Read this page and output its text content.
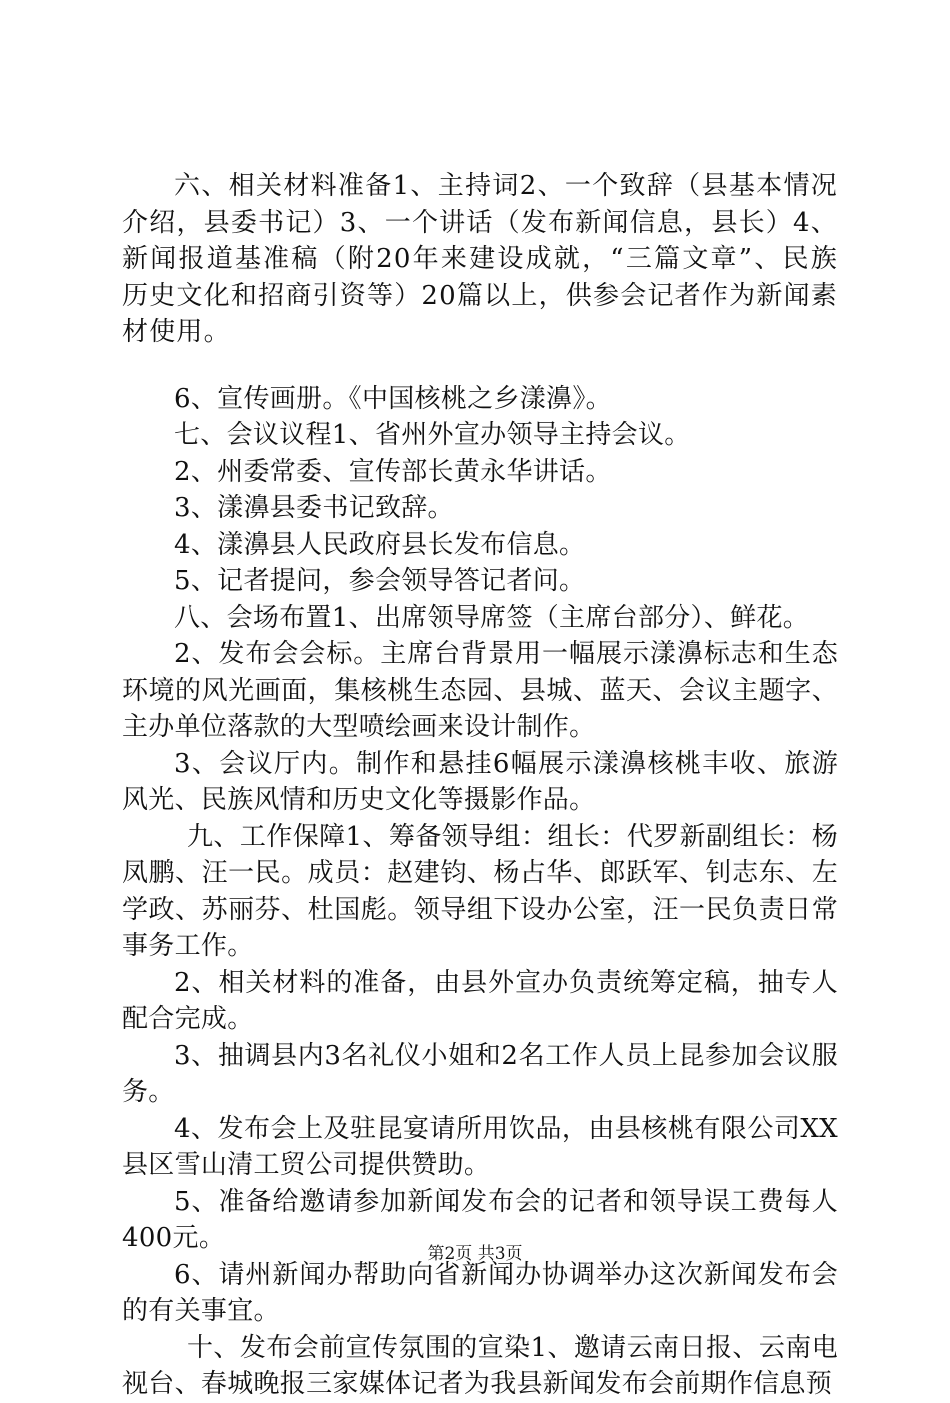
六、相关材料准备1、主持词2、一个致辞（县基本情况介绍，县委书记）3、一个讲话（发布新闻信息，县长）4、新闻报道基准稿（附20年来建设成就，“三篇文章”、民族历史文化和招商引资等）20篇以上，供参会记者作为新闻素材使用。

6、宣传画册。《中国核桃之乡漾濞》。

七、会议议程1、省州外宣办领导主持会议。

2、州委常委、宣传部长黄永华讲话。

3、漾濞县委书记致辞。

4、漾濞县人民政府县长发布信息。

5、记者提问，参会领导答记者问。

八、会场布置1、出席领导席签（主席台部分）、鲜花。

2、发布会会标。主席台背景用一幅展示漾濞标志和生态环境的风光画面，集核桃生态园、县城、蓝天、会议主题字、主办单位落款的大型喷绘画来设计制作。

3、会议厅内。制作和悬挂6幅展示漾濞核桃丰收、旅游风光、民族风情和历史文化等摄影作品。

九、工作保障1、筹备领导组：组长：代罗新副组长：杨凤鹏、汪一民。成员：赵建钧、杨占华、郎跃军、钊志东、左学政、苏丽芬、杜国彪。领导组下设办公室，汪一民负责日常事务工作。

2、相关材料的准备，由县外宣办负责统筹定稿，抽专人配合完成。

3、抽调县内3名礼仪小姐和2名工作人员上昆参加会议服务。

4、发布会上及驻昆宴请所用饮品，由县核桃有限公司XX县区雪山清工贸公司提供赞助。

5、准备给邀请参加新闻发布会的记者和领导误工费每人400元。

6、请州新闻办帮助向省新闻办协调举办这次新闻发布会的有关事宜。

十、发布会前宣传氛围的宣染1、邀请云南日报、云南电视台、春城晚报三家媒体记者为我县新闻发布会前期作信息预

第2页 共3页
